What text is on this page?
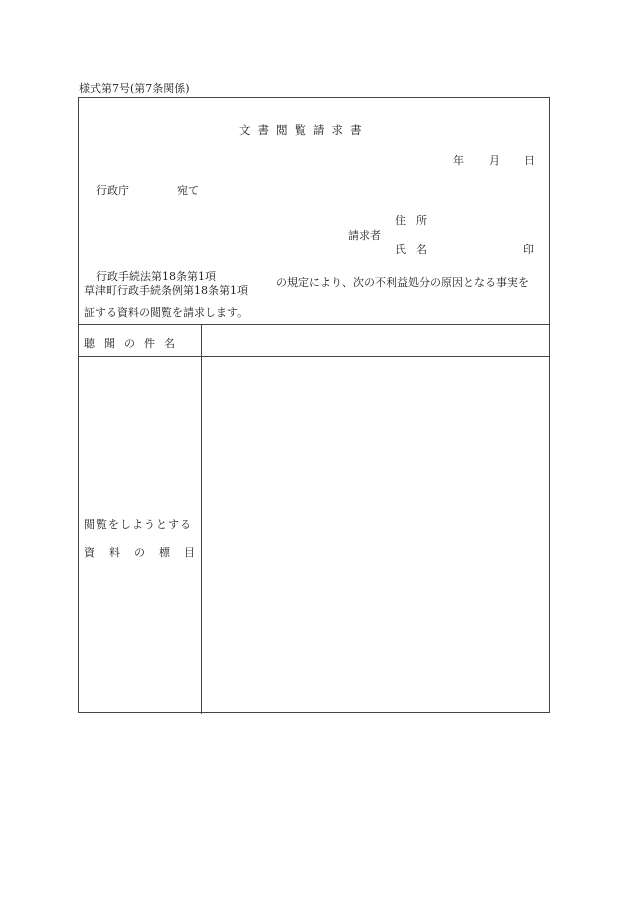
様式第7号(第7条関係)
文書閲覧請求書
年 月 日
行政庁	宛て
住所
請求者
氏名	印
行政手続法第18条第1項
草津町行政手続条例第18条第1項
の規定により、次の不利益処分の原因となる事実を
証する資料の閲覧を請求します。
聴聞の件名
閲覧をしようとする
資料の標目
